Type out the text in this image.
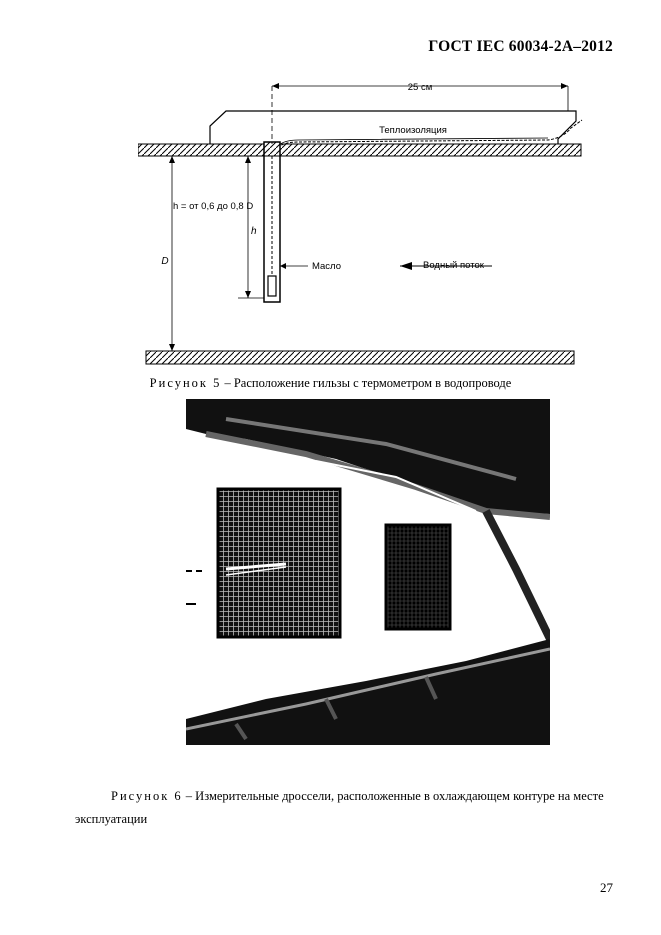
ГОСТ IEC 60034-2А–2012
25 см
Теплоизоляция
D
h
h = от 0,6 до 0,8 D
Масло	Водный поток
Рисунок 5 – Расположение гильзы с термометром в водопроводе
Рисунок 6 – Измерительные дроссели, расположенные в охлаждающем контуре на месте эксплуатации
27
